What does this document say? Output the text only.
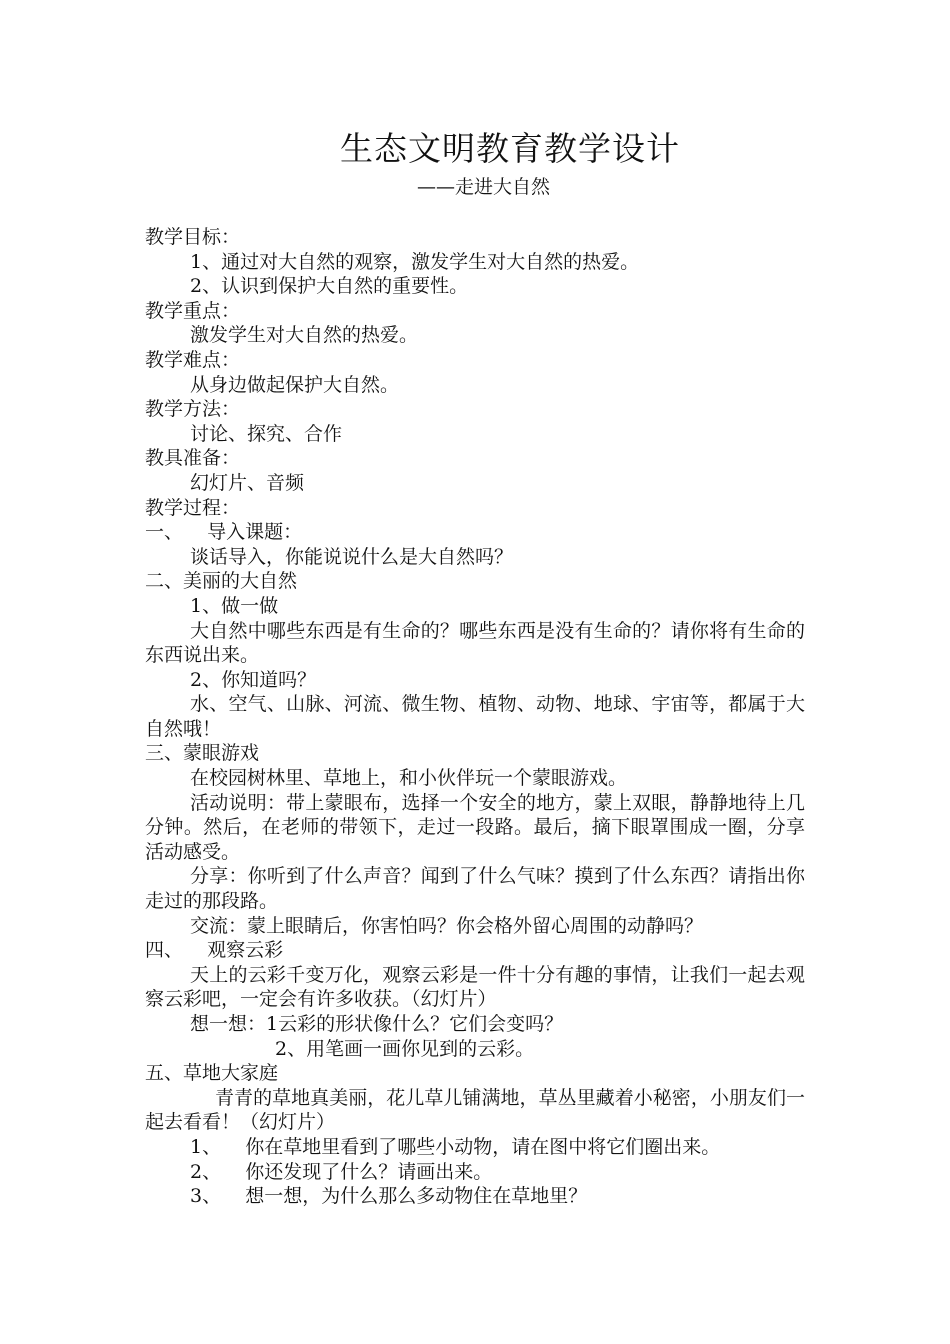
生态文明教育教学设计
——走进大自然

教学目标：

1、通过对大自然的观察，激发学生对大自然的热爱。

2、认识到保护大自然的重要性。

教学重点：

激发学生对大自然的热爱。

教学难点：

从身边做起保护大自然。

教学方法：

讨论、探究、合作

教具准备：

幻灯片、音频

教学过程：

一、    导入课题：

谈话导入，你能说说什么是大自然吗？

二、美丽的大自然

1、做一做

大自然中哪些东西是有生命的？哪些东西是没有生命的？请你将有生命的东西说出来。

2、你知道吗？

水、空气、山脉、河流、微生物、植物、动物、地球、宇宙等，都属于大自然哦！

三、蒙眼游戏

在校园树林里、草地上，和小伙伴玩一个蒙眼游戏。

活动说明：带上蒙眼布，选择一个安全的地方，蒙上双眼，静静地待上几分钟。然后，在老师的带领下，走过一段路。最后，摘下眼罩围成一圈，分享活动感受。

分享：你听到了什么声音？闻到了什么气味？摸到了什么东西？请指出你走过的那段路。

交流：蒙上眼睛后，你害怕吗？你会格外留心周围的动静吗？

四、    观察云彩

天上的云彩千变万化，观察云彩是一件十分有趣的事情，让我们一起去观察云彩吧，一定会有许多收获。（幻灯片）

想一想：1云彩的形状像什么？它们会变吗？

2、用笔画一画你见到的云彩。

五、草地大家庭

青青的草地真美丽，花儿草儿铺满地，草丛里藏着小秘密，小朋友们一起去看看！（幻灯片）

1、    你在草地里看到了哪些小动物，请在图中将它们圈出来。

2、    你还发现了什么？请画出来。

3、    想一想，为什么那么多动物住在草地里？
